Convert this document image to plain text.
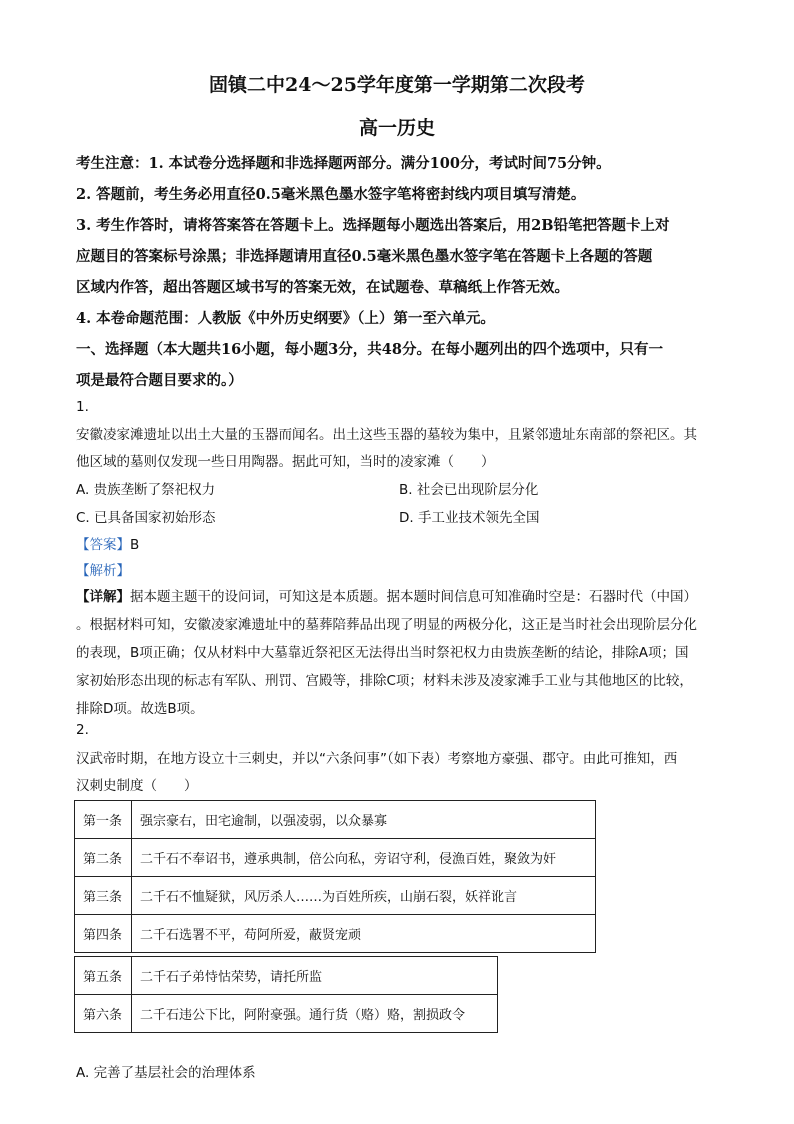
固镇二中24～25学年度第一学期第二次段考
高一历史
考生注意：1. 本试卷分选择题和非选择题两部分。满分100分，考试时间75分钟。
2. 答题前，考生务必用直径0.5毫米黑色墨水签字笔将密封线内项目填写清楚。
3. 考生作答时，请将答案答在答题卡上。选择题每小题选出答案后，用2B铅笔把答题卡上对
应题目的答案标号涂黑；非选择题请用直径0.5毫米黑色墨水签字笔在答题卡上各题的答题
区域内作答，超出答题区域书写的答案无效，在试题卷、草稿纸上作答无效。
4. 本卷命题范围：人教版《中外历史纲要》（上）第一至六单元。
一、选择题（本大题共16小题，每小题3分，共48分。在每小题列出的四个选项中，只有一
项是最符合题目要求的。）
1.
安徽凌家滩遗址以出土大量的玉器而闻名。出土这些玉器的墓较为集中，且紧邻遗址东南部的祭祀区。其
他区域的墓则仅发现一些日用陶器。据此可知，当时的凌家滩（　　）
A. 贵族垄断了祭祀权力	B. 社会已出现阶层分化
C. 已具备国家初始形态	D. 手工业技术领先全国
【答案】B
【解析】
【详解】据本题主题干的设问词，可知这是本质题。据本题时间信息可知准确时空是：石器时代（中国）
。根据材料可知，安徽凌家滩遗址中的墓葬陪葬品出现了明显的两极分化，这正是当时社会出现阶层分化
的表现，B项正确；仅从材料中大墓靠近祭祀区无法得出当时祭祀权力由贵族垄断的结论，排除A项；国
家初始形态出现的标志有军队、刑罚、宫殿等，排除C项；材料未涉及凌家滩手工业与其他地区的比较，
排除D项。故选B项。
2.
汉武帝时期，在地方设立十三刺史，并以“六条问事”（如下表）考察地方豪强、郡守。由此可推知，西
汉刺史制度（　　）
第一条	强宗豪右，田宅逾制，以强凌弱，以众暴寡
第二条	二千石不奉诏书，遵承典制，倍公向私，旁诏守利，侵漁百姓，聚敛为奸
第三条	二千石不恤疑狱，风厉杀人……为百姓所疾，山崩石裂，妖祥讹言
第四条	二千石选署不平，苟阿所爱，蔽贤宠顽
第五条	二千石子弟恃怙荣势，请托所监
第六条	二千石违公下比，阿附豪强。通行货（赂）赂，割损政令
A. 完善了基层社会的治理体系
